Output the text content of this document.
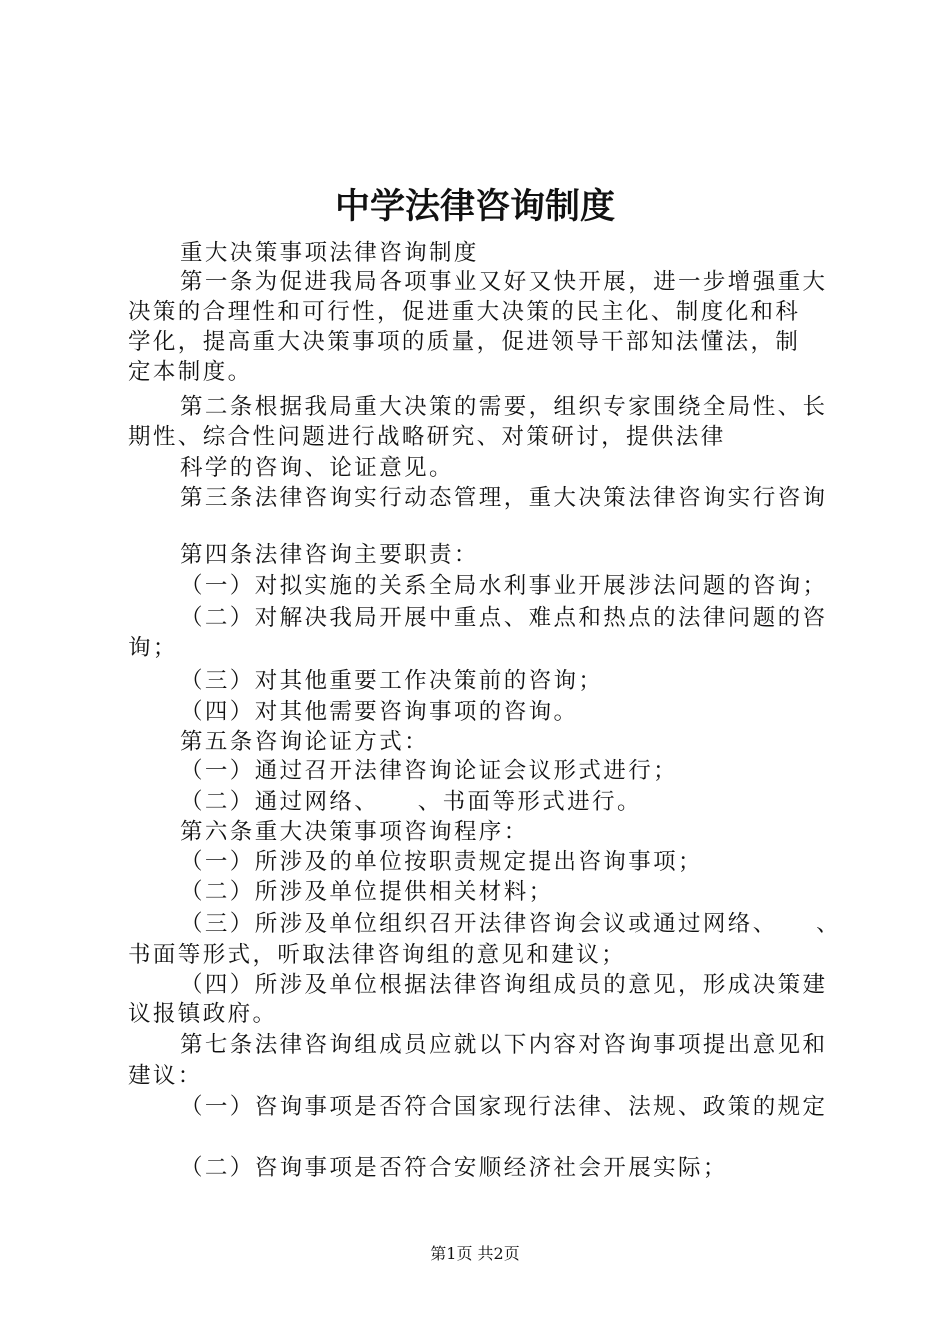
中学法律咨询制度
重大决策事项法律咨询制度
第一条为促进我局各项事业又好又快开展，进一步增强重大
决策的合理性和可行性，促进重大决策的民主化、制度化和科
学化，提高重大决策事项的质量，促进领导干部知法懂法，制
定本制度。
第二条根据我局重大决策的需要，组织专家围绕全局性、长
期性、综合性问题进行战略研究、对策研讨，提供法律
科学的咨询、论证意见。
第三条法律咨询实行动态管理，重大决策法律咨询实行咨询
第四条法律咨询主要职责：
（一）对拟实施的关系全局水利事业开展涉法问题的咨询；
（二）对解决我局开展中重点、难点和热点的法律问题的咨
询；
（三）对其他重要工作决策前的咨询；
（四）对其他需要咨询事项的咨询。
第五条咨询论证方式：
（一）通过召开法律咨询论证会议形式进行；
（二）通过网络、　　、书面等形式进行。
第六条重大决策事项咨询程序：
（一）所涉及的单位按职责规定提出咨询事项；
（二）所涉及单位提供相关材料；
（三）所涉及单位组织召开法律咨询会议或通过网络、　　、
书面等形式，听取法律咨询组的意见和建议；
（四）所涉及单位根据法律咨询组成员的意见，形成决策建
议报镇政府。
第七条法律咨询组成员应就以下内容对咨询事项提出意见和
建议：
（一）咨询事项是否符合国家现行法律、法规、政策的规定
（二）咨询事项是否符合安顺经济社会开展实际；
第1页 共2页
